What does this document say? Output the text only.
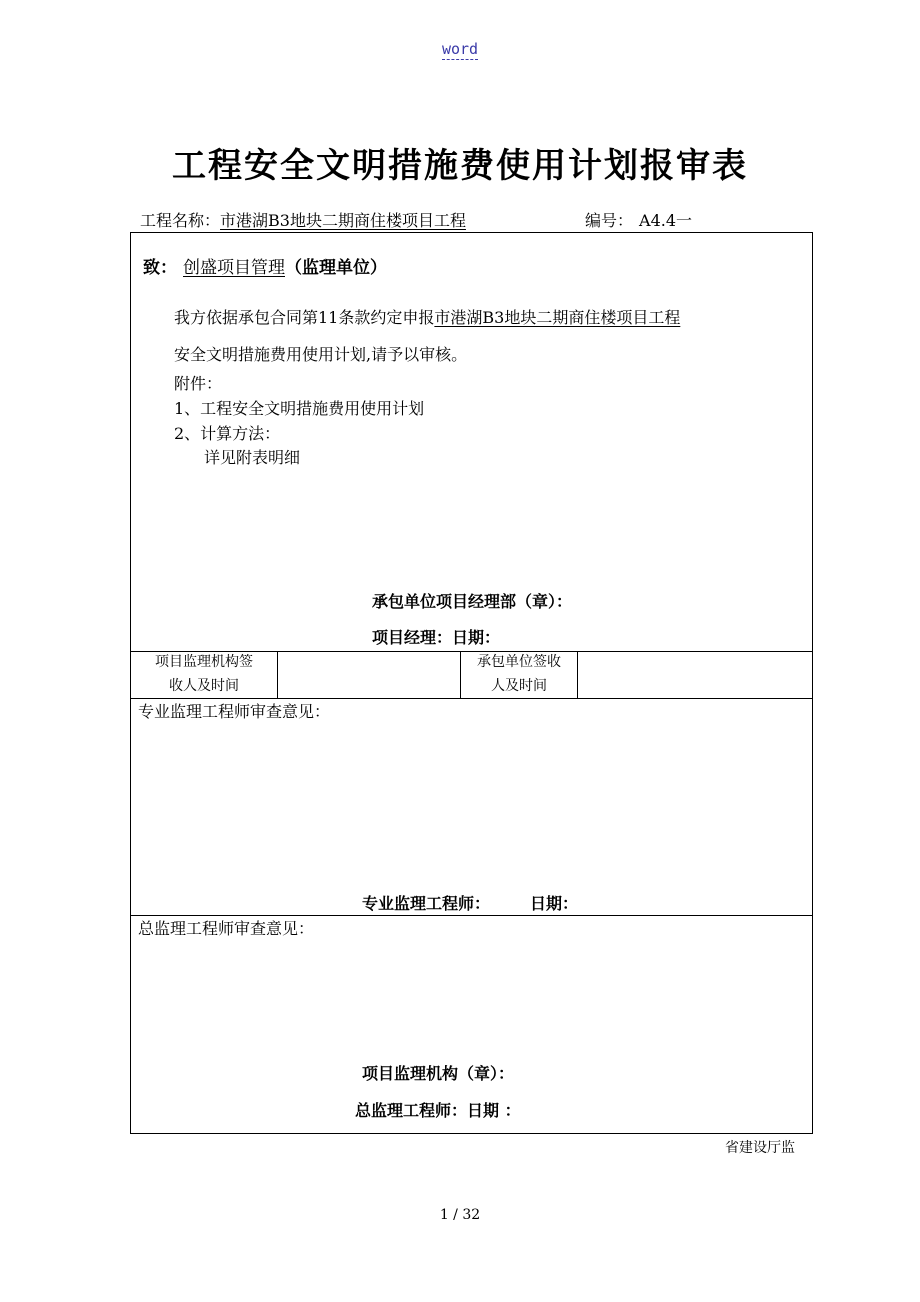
word
工程安全文明措施费使用计划报审表
工程名称：市港湖B3地块二期商住楼项目工程	编号： A4.4一
致： 创盛项目管理（监理单位）
我方依据承包合同第11条款约定申报市港湖B3地块二期商住楼项目工程
安全文明措施费用使用计划,请予以审核。
附件：
1、工程安全文明措施费用使用计划
2、计算方法：
详见附表明细
承包单位项目经理部（章）：
项目经理：日期：
项目监理机构签
收人及时间
承包单位签收
人及时间
专业监理工程师审查意见：
专业监理工程师： 日期：
总监理工程师审查意见：
项目监理机构（章）：
总监理工程师：日期 ：
省建设厅监
1 / 32
